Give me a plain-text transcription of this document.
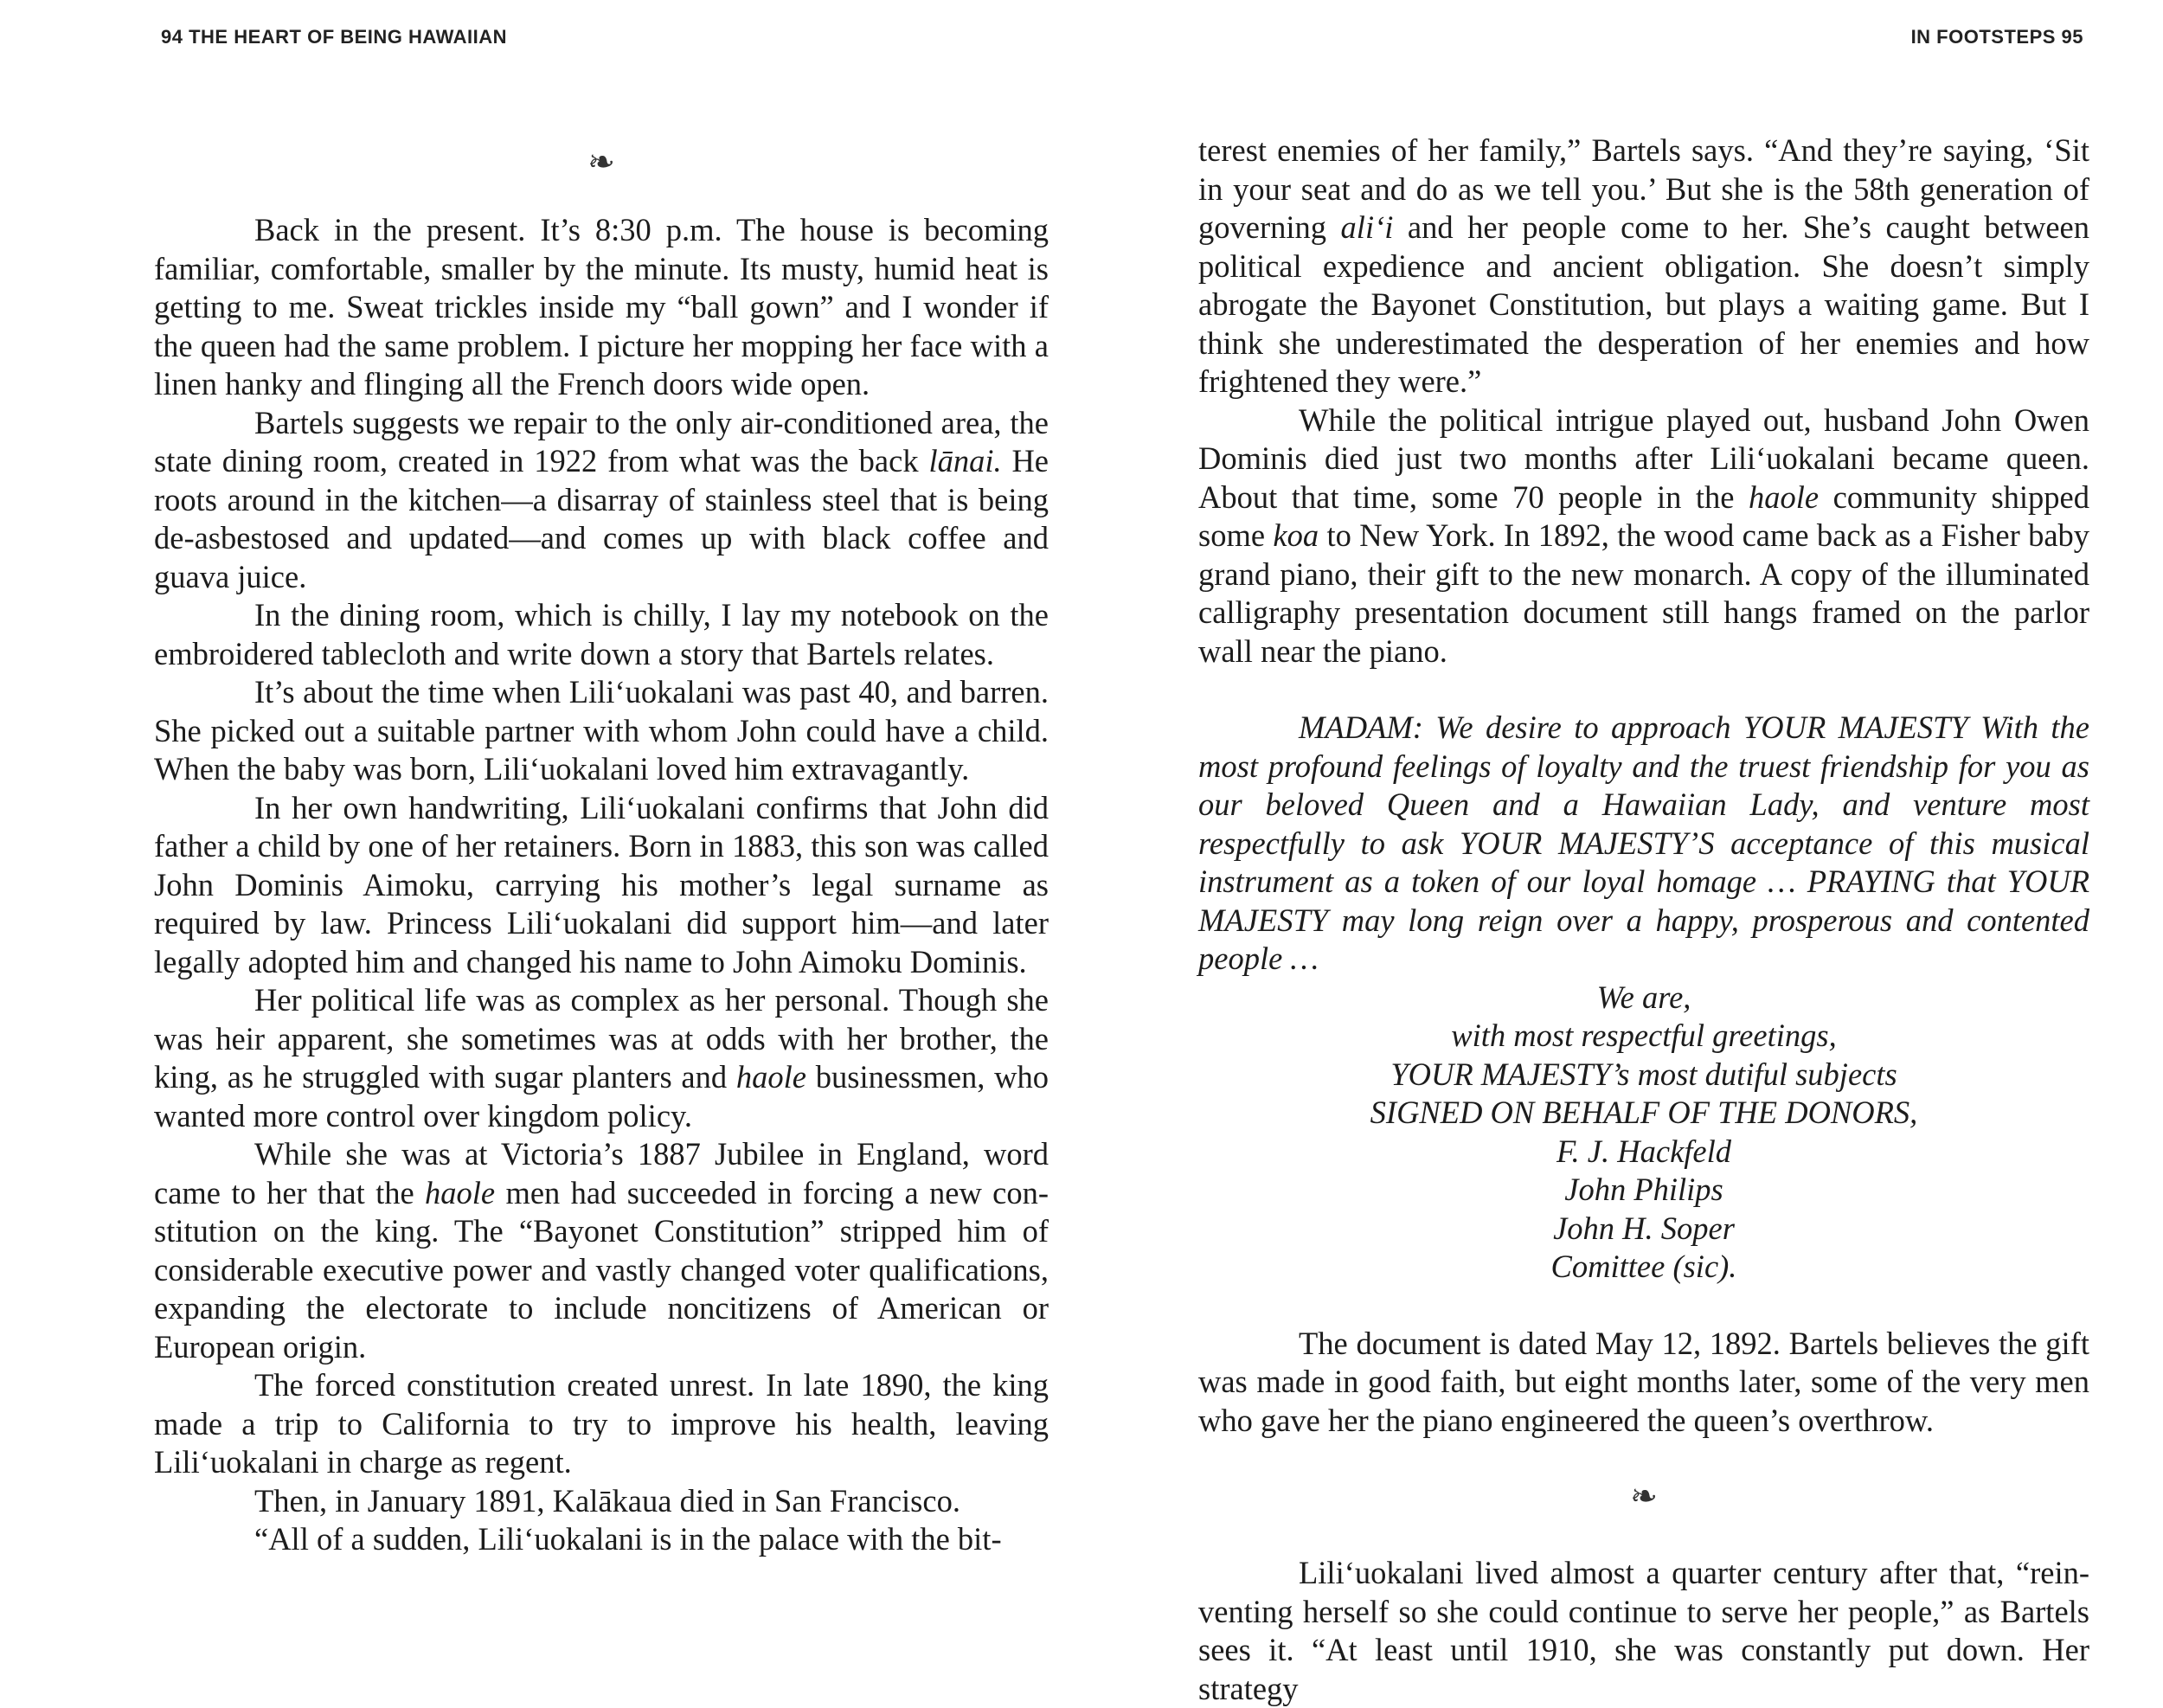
94 THE HEART OF BEING HAWAIIAN
❧

Back in the present. It’s 8:30 p.m. The house is becoming familiar, comfortable, smaller by the minute. Its musty, humid heat is getting to me. Sweat trickles inside my “ball gown” and I wonder if the queen had the same problem. I picture her mopping her face with a linen hanky and flinging all the French doors wide open.

Bartels suggests we repair to the only air-conditioned area, the state dining room, created in 1922 from what was the back lānai. He roots around in the kitchen—a disarray of stainless steel that is being de-asbestosed and updated—and comes up with black coffee and guava juice.

In the dining room, which is chilly, I lay my notebook on the embroidered tablecloth and write down a story that Bartels relates.

It’s about the time when Lili‘uokalani was past 40, and barren. She picked out a suitable partner with whom John could have a child. When the baby was born, Lili‘uokalani loved him extravagantly.

In her own handwriting, Lili‘uokalani confirms that John did father a child by one of her retainers. Born in 1883, this son was called John Dominis Aimoku, carrying his mother’s legal surname as required by law. Princess Lili‘uokalani did support him—and later legally adopted him and changed his name to John Aimoku Dominis.

Her political life was as complex as her personal. Though she was heir apparent, she sometimes was at odds with her brother, the king, as he struggled with sugar planters and haole businessmen, who wanted more control over kingdom policy.

While she was at Victoria’s 1887 Jubilee in England, word came to her that the haole men had succeeded in forcing a new constitution on the king. The “Bayonet Constitution” stripped him of considerable executive power and vastly changed voter qualifications, expanding the electorate to include noncitizens of American or European origin.

The forced constitution created unrest. In late 1890, the king made a trip to California to try to improve his health, leaving Lili‘uokalani in charge as regent.

Then, in January 1891, Kalākaua died in San Francisco.

“All of a sudden, Lili‘uokalani is in the palace with the bit-

IN FOOTSTEPS 95

terest enemies of her family,” Bartels says. “And they’re saying, ‘Sit in your seat and do as we tell you.’ But she is the 58th generation of governing ali‘i and her people come to her. She’s caught between political expedience and ancient obligation. She doesn’t simply abrogate the Bayonet Constitution, but plays a waiting game. But I think she underestimated the desperation of her enemies and how frightened they were.”

While the political intrigue played out, husband John Owen Dominis died just two months after Lili‘uokalani became queen. About that time, some 70 people in the haole community shipped some koa to New York. In 1892, the wood came back as a Fisher baby grand piano, their gift to the new monarch. A copy of the illuminated calligraphy presentation document still hangs framed on the parlor wall near the piano.

MADAM: We desire to approach YOUR MAJESTY With the most profound feelings of loyalty and the truest friendship for you as our beloved Queen and a Hawaiian Lady, and venture most respectfully to ask YOUR MAJESTY’S acceptance of this musical instrument as a token of our loyal homage … PRAYING that YOUR MAJESTY may long reign over a happy, prosperous and contented people …

We are,
with most respectful greetings,
YOUR MAJESTY’s most dutiful subjects
SIGNED ON BEHALF OF THE DONORS,
F. J. Hackfeld
John Philips
John H. Soper
Comittee (sic).

The document is dated May 12, 1892. Bartels believes the gift was made in good faith, but eight months later, some of the very men who gave her the piano engineered the queen’s overthrow.

❧

Lili‘uokalani lived almost a quarter century after that, “reinventing herself so she could continue to serve her people,” as Bartels sees it. “At least until 1910, she was constantly put down. Her strategy
